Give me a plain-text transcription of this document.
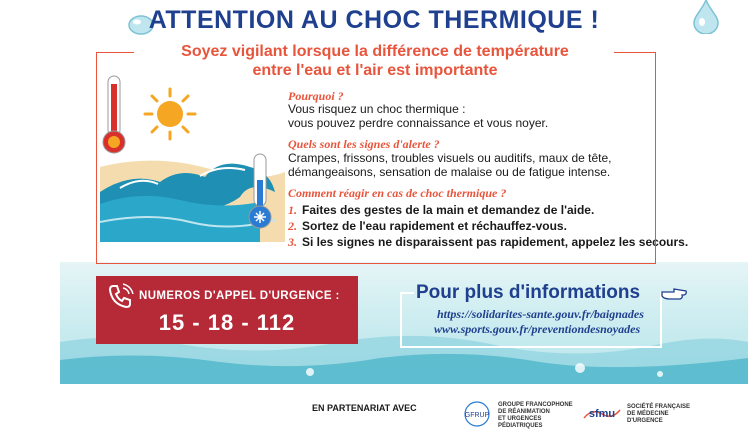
ATTENTION AU CHOC THERMIQUE !
Soyez vigilant lorsque la différence de température
entre l'eau et l'air est importante
Pourquoi ?
Vous risquez un choc thermique :
vous pouvez perdre connaissance et vous noyer.
Quels sont les signes d'alerte ?
Crampes, frissons, troubles visuels ou auditifs, maux de tête,
démangeaisons, sensation de malaise ou de fatigue intense.
Comment réagir en cas de choc thermique ?
1. Faites des gestes de la main et demandez de l'aide.
2. Sortez de l'eau rapidement et réchauffez-vous.
3. Si les signes ne disparaissent pas rapidement, appelez les secours.
NUMEROS D'APPEL D'URGENCE :
15 - 18 - 112
Pour plus d'informations
https://solidarites-sante.gouv.fr/baignades
www.sports.gouv.fr/preventiondesnoyades
EN PARTENARIAT AVEC
GFRUP
GROUPE FRANCOPHONE
DE RÉANIMATION
ET URGENCES
PÉDIATRIQUES
sfmu
SOCIÉTÉ FRANÇAISE
DE MÉDECINE
D'URGENCE
